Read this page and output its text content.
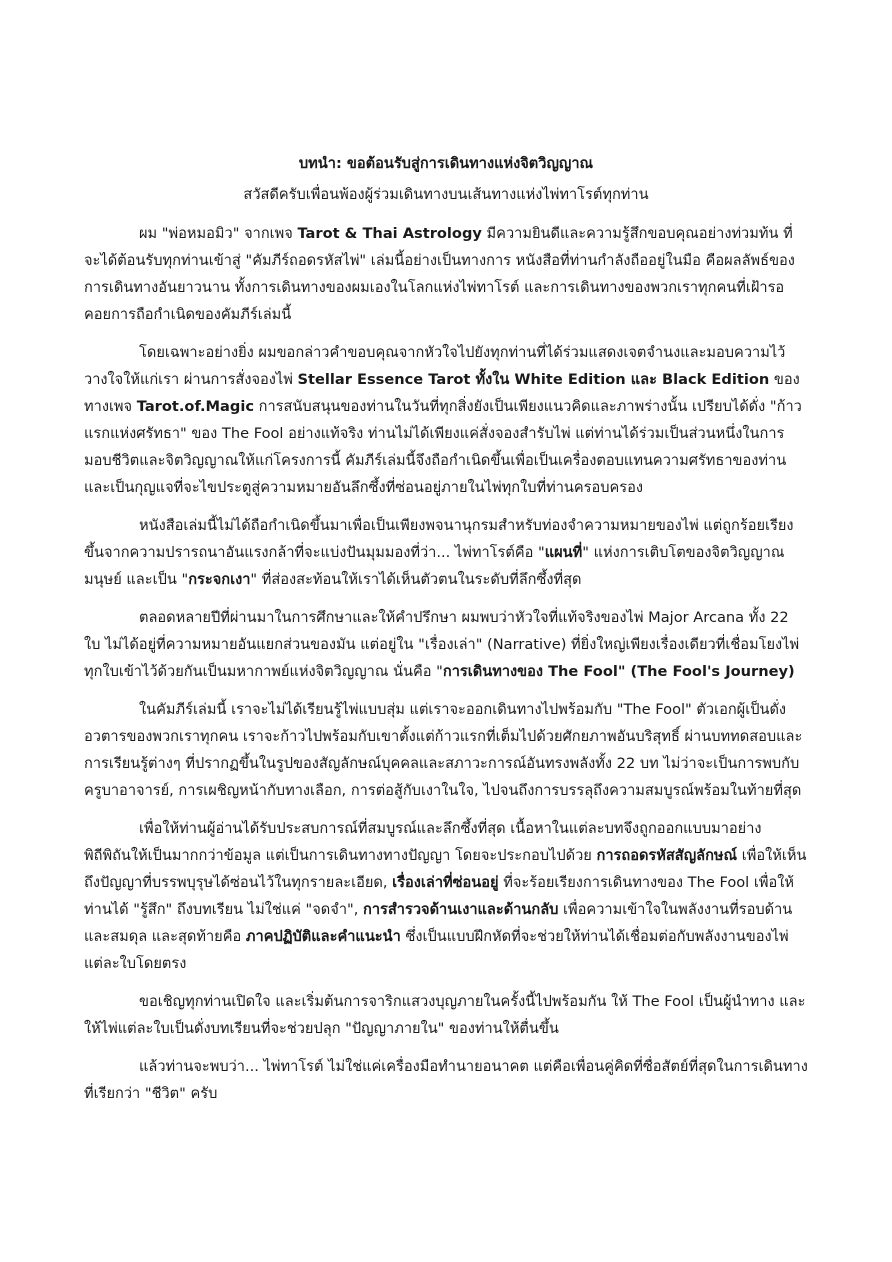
บทนำ: ขอต้อนรับสู่การเดินทางแห่งจิตวิญญาณ

สวัสดีครับเพื่อนพ้องผู้ร่วมเดินทางบนเส้นทางแห่งไพ่ทาโรต์ทุกท่าน

ผม "พ่อหมอมิว" จากเพจ Tarot & Thai Astrology มีความยินดีและความรู้สึกขอบคุณอย่างท่วมท้น ที่จะได้ต้อนรับทุกท่านเข้าสู่ "คัมภีร์ถอดรหัสไพ่" เล่มนี้อย่างเป็นทางการ หนังสือที่ท่านกำลังถืออยู่ในมือ คือผลลัพธ์ของการเดินทางอันยาวนาน ทั้งการเดินทางของผมเองในโลกแห่งไพ่ทาโรต์ และการเดินทางของพวกเราทุกคนที่เฝ้ารอคอยการถือกำเนิดของคัมภีร์เล่มนี้

โดยเฉพาะอย่างยิ่ง ผมขอกล่าวคำขอบคุณจากหัวใจไปยังทุกท่านที่ได้ร่วมแสดงเจตจำนงและมอบความไว้วางใจให้แก่เรา ผ่านการสั่งจองไพ่ Stellar Essence Tarot ทั้งใน White Edition และ Black Edition ของทางเพจ Tarot.of.Magic การสนับสนุนของท่านในวันที่ทุกสิ่งยังเป็นเพียงแนวคิดและภาพร่างนั้น เปรียบได้ดั่ง "ก้าวแรกแห่งศรัทธา" ของ The Fool อย่างแท้จริง ท่านไม่ได้เพียงแค่สั่งจองสำรับไพ่ แต่ท่านได้ร่วมเป็นส่วนหนึ่งในการมอบชีวิตและจิตวิญญาณให้แก่โครงการนี้ คัมภีร์เล่มนี้จึงถือกำเนิดขึ้นเพื่อเป็นเครื่องตอบแทนความศรัทธาของท่าน และเป็นกุญแจที่จะไขประตูสู่ความหมายอันลึกซึ้งที่ซ่อนอยู่ภายในไพ่ทุกใบที่ท่านครอบครอง

หนังสือเล่มนี้ไม่ได้ถือกำเนิดขึ้นมาเพื่อเป็นเพียงพจนานุกรมสำหรับท่องจำความหมายของไพ่ แต่ถูกร้อยเรียงขึ้นจากความปรารถนาอันแรงกล้าที่จะแบ่งปันมุมมองที่ว่า... ไพ่ทาโรต์คือ "แผนที่" แห่งการเติบโตของจิตวิญญาณมนุษย์ และเป็น "กระจกเงา" ที่ส่องสะท้อนให้เราได้เห็นตัวตนในระดับที่ลึกซึ้งที่สุด

ตลอดหลายปีที่ผ่านมาในการศึกษาและให้คำปรึกษา ผมพบว่าหัวใจที่แท้จริงของไพ่ Major Arcana ทั้ง 22 ใบ ไม่ได้อยู่ที่ความหมายอันแยกส่วนของมัน แต่อยู่ใน "เรื่องเล่า" (Narrative) ที่ยิ่งใหญ่เพียงเรื่องเดียวที่เชื่อมโยงไพ่ทุกใบเข้าไว้ด้วยกันเป็นมหากาพย์แห่งจิตวิญญาณ นั่นคือ "การเดินทางของ The Fool" (The Fool's Journey)

ในคัมภีร์เล่มนี้ เราจะไม่ได้เรียนรู้ไพ่แบบสุ่ม แต่เราจะออกเดินทางไปพร้อมกับ "The Fool" ตัวเอกผู้เป็นดั่งอวตารของพวกเราทุกคน เราจะก้าวไปพร้อมกับเขาตั้งแต่ก้าวแรกที่เต็มไปด้วยศักยภาพอันบริสุทธิ์ ผ่านบททดสอบและการเรียนรู้ต่างๆ ที่ปรากฏขึ้นในรูปของสัญลักษณ์บุคคลและสภาวะการณ์อันทรงพลังทั้ง 22 บท ไม่ว่าจะเป็นการพบกับครูบาอาจารย์, การเผชิญหน้ากับทางเลือก, การต่อสู้กับเงาในใจ, ไปจนถึงการบรรลุถึงความสมบูรณ์พร้อมในท้ายที่สุด

เพื่อให้ท่านผู้อ่านได้รับประสบการณ์ที่สมบูรณ์และลึกซึ้งที่สุด เนื้อหาในแต่ละบทจึงถูกออกแบบมาอย่างพิถีพิถันให้เป็นมากกว่าข้อมูล แต่เป็นการเดินทางทางปัญญา โดยจะประกอบไปด้วย การถอดรหัสสัญลักษณ์ เพื่อให้เห็นถึงปัญญาที่บรรพบุรุษได้ซ่อนไว้ในทุกรายละเอียด, เรื่องเล่าที่ซ่อนอยู่ ที่จะร้อยเรียงการเดินทางของ The Fool เพื่อให้ท่านได้ "รู้สึก" ถึงบทเรียน ไม่ใช่แค่ "จดจำ", การสำรวจด้านเงาและด้านกลับ เพื่อความเข้าใจในพลังงานที่รอบด้านและสมดุล และสุดท้ายคือ ภาคปฏิบัติและคำแนะนำ ซึ่งเป็นแบบฝึกหัดที่จะช่วยให้ท่านได้เชื่อมต่อกับพลังงานของไพ่แต่ละใบโดยตรง

ขอเชิญทุกท่านเปิดใจ และเริ่มต้นการจาริกแสวงบุญภายในครั้งนี้ไปพร้อมกัน ให้ The Fool เป็นผู้นำทาง และให้ไพ่แต่ละใบเป็นดั่งบทเรียนที่จะช่วยปลุก "ปัญญาภายใน" ของท่านให้ตื่นขึ้น

แล้วท่านจะพบว่า... ไพ่ทาโรต์ ไม่ใช่แค่เครื่องมือทำนายอนาคต แต่คือเพื่อนคู่คิดที่ซื่อสัตย์ที่สุดในการเดินทางที่เรียกว่า "ชีวิต" ครับ
